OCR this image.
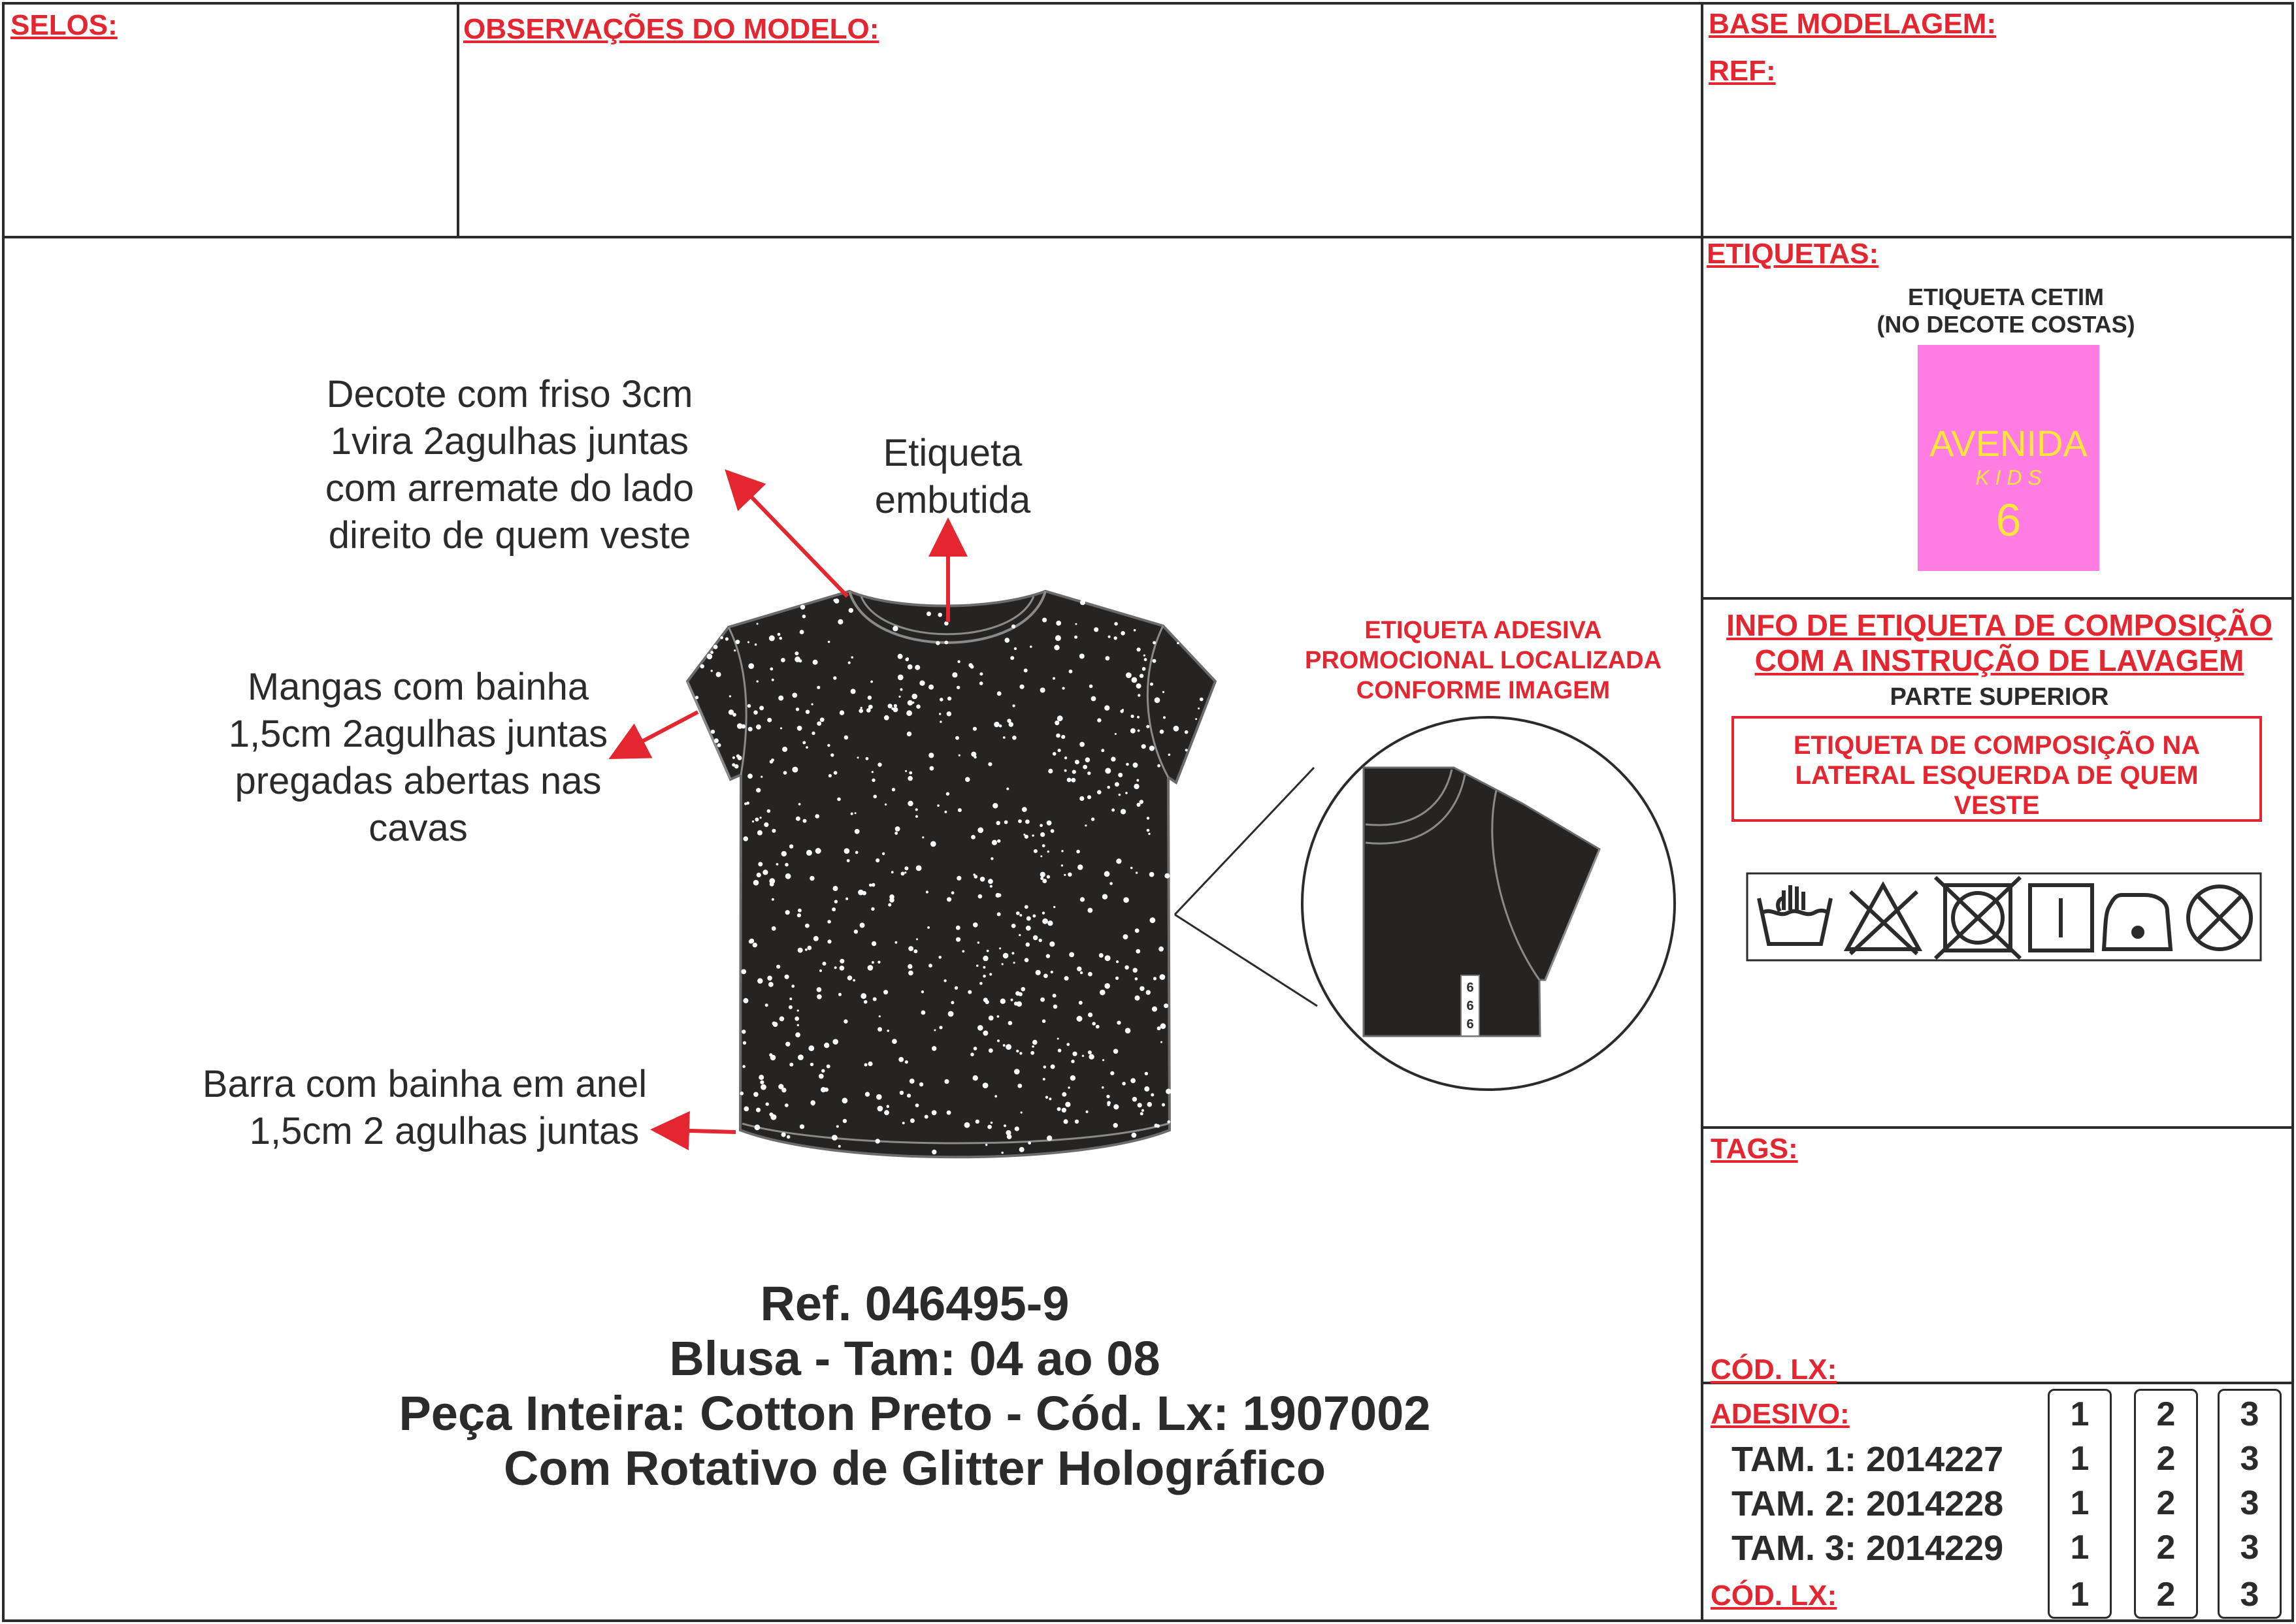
SELOS:	OBSERVAÇÕES DO MODELO:	BASE MODELAGEM:
REF:
Decote com friso 3cm
1vira 2agulhas juntas
com arremate do lado
direito de quem veste
Etiqueta
embutida
Mangas com bainha
1,5cm 2agulhas juntas
pregadas abertas nas
cavas
Barra com bainha em anel
1,5cm 2 agulhas juntas
6
6
6
ETIQUETA ADESIVA
PROMOCIONAL LOCALIZADA
CONFORME IMAGEM
Ref. 046495-9
Blusa - Tam: 04 ao 08
Peça Inteira: Cotton Preto - Cód. Lx: 1907002
Com Rotativo de Glitter Holográfico
ETIQUETAS:
ETIQUETA CETIM
(NO DECOTE COSTAS)
AVENIDA
K I D S
6
INFO DE ETIQUETA DE COMPOSIÇÃO
COM A INSTRUÇÃO DE LAVAGEM
PARTE SUPERIOR
ETIQUETA DE COMPOSIÇÃO NA
LATERAL ESQUERDA DE QUEM
VESTE
TAGS:
CÓD. LX:
ADESIVO:
TAM. 1: 2014227
TAM. 2: 2014228
TAM. 3: 2014229
CÓD. LX:
1
1
1
1
1
2
2
2
2
2
3
3
3
3
3
